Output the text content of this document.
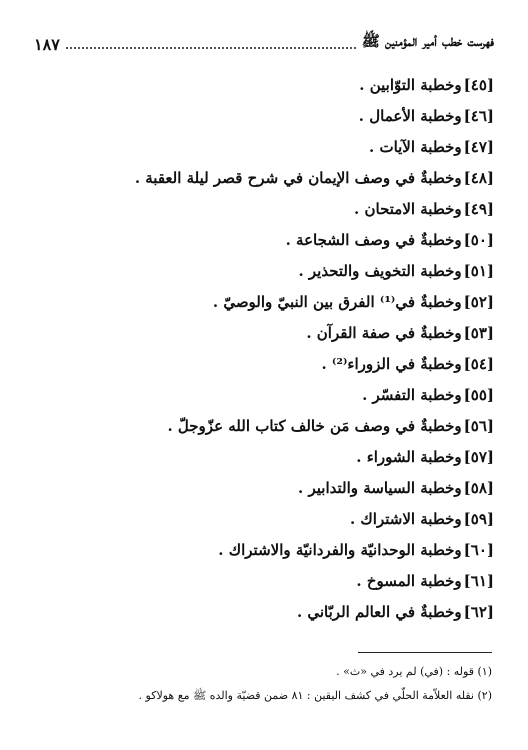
فهرست خطب أمير المؤمنين ﷺ
١٨٧
[٤٥]وخطبة التوّابين .
[٤٦]وخطبة الأعمال .
[٤٧]وخطبة الآيات .
[٤٨]وخطبةٌ في وصف الإيمان في شرح قصر ليلة العقبة .
[٤٩]وخطبة الامتحان .
[٥٠]وخطبةٌ في وصف الشجاعة .
[٥١]وخطبة التخويف والتحذير .
[٥٢]وخطبةٌ في⁽¹⁾ الفرق بين النبيّ والوصيّ .
[٥٣]وخطبةٌ في صفة القرآن .
[٥٤]وخطبةٌ في الزوراء⁽²⁾ .
[٥٥]وخطبة التفسّر .
[٥٦]وخطبةٌ في وصف مَن خالف كتاب الله عزّوجلّ .
[٥٧]وخطبة الشوراء .
[٥٨]وخطبة السياسة والتدابير .
[٥٩]وخطبة الاشتراك .
[٦٠]وخطبة الوحدانيّة والفردانيّة والاشتراك .
[٦١]وخطبة المسوخ .
[٦٢]وخطبةٌ في العالم الربّاني .
(١) قوله : (في) لم يرد في «ث» .
(٢) نقله العلاّمة الحلّي في كشف اليقين : ٨١ ضمن قضيّة والده ﷺ مع هولاكو .
